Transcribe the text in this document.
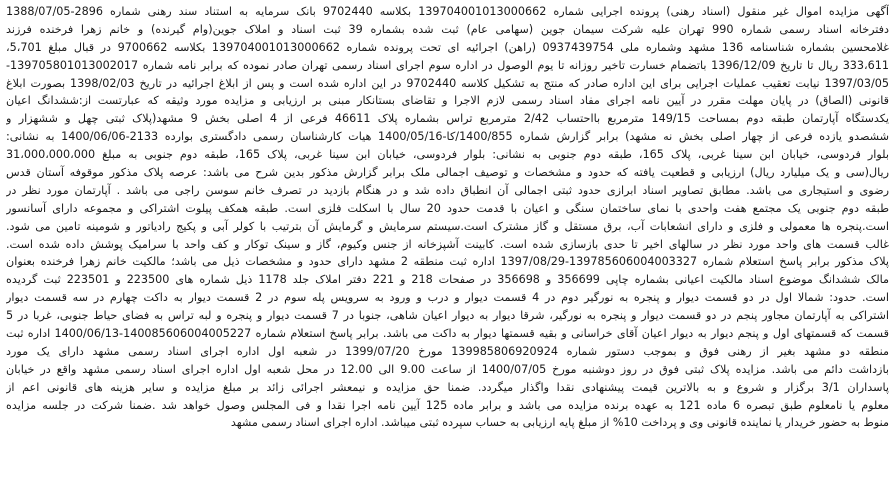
آگهی مزایده اموال غیر منقول (اسناد رهنی) پرونده اجرایی شماره 139704001013000662 بکلاسه 9702440 بانک سرمایه به استناد سند رهنی شماره 2896-1388/07/05
دفترخانه اسناد رسمی شماره 990 تهران علیه شرکت سیمان جوین (سهامی عام) ثبت شده بشماره 39 ثبت اسناد و املاک جوین(وام گیرنده) و خانم زهرا فرخنده فرزند
غلامحسین بشماره شناسنامه 136 مشهد وشماره ملی 0937439754 (راهن) اجرائیه ای تحت پرونده شماره 139704001013000662 بکلاسه 9700662 در قبال مبلغ 5،701،
333،611 ریال تا تاریخ 1396/12/09 باتضمام خسارت تاخیر روزانه تا یوم الوصول در اداره سوم اجرای اسناد رسمی تهران صادر نموده که برابر نامه شماره 139705801013002017-
1397/03/05 نیابت تعقیب عملیات اجرایی برای این اداره صادر که منتج به تشکیل کلاسه 9702440 در این اداره شده است و پس از ابلاغ اجرائیه در تاریخ 1398/02/03 بصورت ابلاغ
قانونی (الصاق) در پایان مهلت مقرر در آیین نامه اجرای مفاد اسناد رسمی لازم الاجرا و تقاضای بستانکار مبنی بر ارزیابی و مزایده مورد وثیقه که عبارتست از:ششدانگ اعیان
یکدستگاه آپارتمان طبقه دوم بمساحت 149/15 مترمربع بااحتساب 2/42 مترمربع تراس بشماره پلاک 46611 فرعی از 4 اصلی بخش 9 مشهد(پلاک ثبتی چهل و ششهزار و
ششصدو یازده فرعی از چهار اصلی بخش نه مشهد) برابر گزارش شماره 1400/855/کا-1400/05/16 هیات کارشناسان رسمی دادگستری بوارده 2133-1400/06/06 به نشانی:
بلوار فردوسی، خیابان ابن سینا غربی، پلاک 165، طبقه دوم جنوبی به نشانی: بلوار فردوسی، خیابان ابن سینا غربی، پلاک 165، طبقه دوم جنوبی به مبلغ 31،000،000،000
ریال(سی و یک میلیارد ریال) ارزیابی و قطعیت یافته که حدود و مشخصات و توصیف اجمالی ملک برابر گزارش مذکور بدین شرح می باشد: عرصه پلاک مذکور موقوفه آستان قدس
رضوی و استیجاری می باشد. مطابق تصاویر اسناد ابرازی حدود ثبتی اجمالی آن انطباق داده شد و در هنگام بازدید در تصرف خانم سوسن راجی می باشد . آپارتمان مورد نظر در
طبقه دوم جنوبی یک مجتمع هفت واحدی با نمای ساختمان سنگی و اعیان با قدمت حدود 20 سال با اسکلت فلزی است. طبقه همکف پیلوت اشتراکی و مجموعه دارای آسانسور
است.پنجره ها معمولی و فلزی و دارای انشعابات آب، برق مستقل و گاز مشترک است.سیستم سرمایش و گرمایش آن بترتیب با کولر آبی و پکیج رادیاتور و شومینه تامین می شود.
غالب قسمت های واحد مورد نظر در سالهای اخیر تا حدی بازسازی شده است. کابینت آشپزخانه از جنس وکیوم، گاز و سینک توکار و کف واحد با سرامیک پوشش داده شده است.
پلاک مذکور برابر پاسخ استعلام شماره 139785606004003327-1397/08/29 اداره ثبت منطقه 2 مشهد دارای حدود و مشخصات ذیل می باشد؛ مالکیت خانم زهرا فرخنده بعنوان
مالک ششدانگ موضوع اسناد مالکیت اعیانی بشماره چاپی 356699 و 356698 در صفحات 218 و 221 دفتر املاک جلد 1178 ذیل شماره های 223500 و 223501 ثبت گردیده
است. حدود: شمالا اول در دو قسمت دیوار و پنجره به نورگیر دوم در 4 قسمت دیوار و درب و ورود به سرویس پله سوم در 2 قسمت دیوار به داکت چهارم در سه قسمت دیوار
اشتراکی به آپارتمان مجاور پنجم در دو قسمت دیوار و پنجره به نورگیر، شرقا دیوار به دیوار اعیان شاهی، جنوبا در 7 قسمت دیوار و پنجره و لبه تراس به فضای حیاط جنوبی، غربا در 5
قسمت که قسمتهای اول و پنجم دیوار به دیوار اعیان آقای خراسانی و بقیه قسمتها دیوار به داکت می باشد. برابر پاسخ استعلام شماره 140085606004005227-1400/06/13 اداره ثبت
منطقه دو مشهد بغیر از رهنی فوق و بموجب دستور شماره 139985806920924 مورخ 1399/07/20 در شعبه اول اداره اجرای اسناد رسمی مشهد دارای یک مورد
بازداشت دائم می باشد. مزایده پلاک ثبتی فوق در روز دوشنبه مورخ 1400/07/05 از ساعت 9.00 الی 12.00 در محل شعبه اول اداره اجرای اسناد رسمی مشهد واقع در خیابان
پاسداران 3/1 برگزار و شروع و به بالاترین قیمت پیشنهادی نقدا واگذار میگردد. ضمنا حق مزایده و نیمعشر اجرائی زائد بر مبلغ مزایده و سایر هزینه های قانونی اعم از
معلوم یا نامعلوم طبق تبصره 6 ماده 121 به عهده برنده مزایده می باشد و برابر ماده 125 آیین نامه اجرا نقدا و فی المجلس وصول خواهد شد .ضمنا شرکت در جلسه مزایده
منوط به حضور خریدار یا نماینده قانونی وی و پرداخت 10% از مبلغ پایه ارزیابی به حساب سپرده ثبتی میباشد. اداره اجرای اسناد رسمی مشهد
